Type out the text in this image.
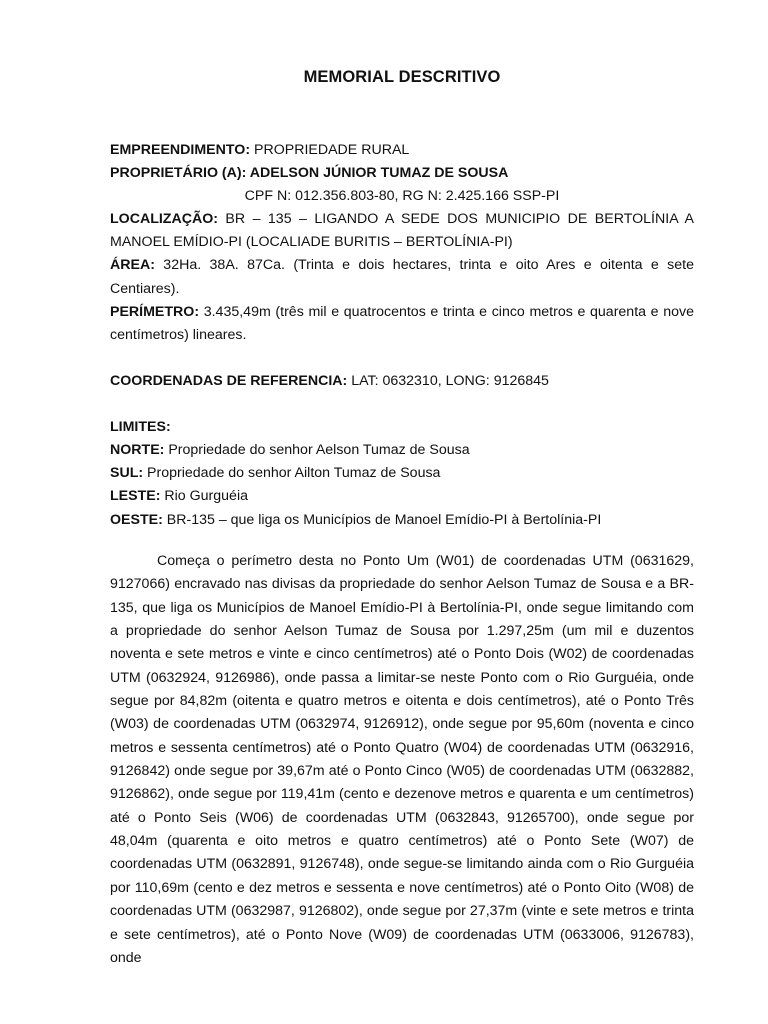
MEMORIAL DESCRITIVO

EMPREENDIMENTO: PROPRIEDADE RURAL

PROPRIETÁRIO (A): ADELSON JÚNIOR TUMAZ DE SOUSA

CPF N: 012.356.803-80, RG N: 2.425.166 SSP-PI

LOCALIZAÇÃO: BR – 135 – LIGANDO A SEDE DOS MUNICIPIO DE BERTOLÍNIA A MANOEL EMÍDIO-PI (LOCALIADE BURITIS – BERTOLÍNIA-PI)

ÁREA: 32Ha. 38A. 87Ca. (Trinta e dois hectares, trinta e oito Ares e oitenta e sete Centiares).

PERÍMETRO: 3.435,49m (três mil e quatrocentos e trinta e cinco metros e quarenta e nove centímetros) lineares.

COORDENADAS DE REFERENCIA: LAT: 0632310, LONG: 9126845

LIMITES:

NORTE: Propriedade do senhor Aelson Tumaz de Sousa

SUL: Propriedade do senhor Ailton Tumaz de Sousa

LESTE: Rio Gurguéia

OESTE: BR-135 – que liga os Municípios de Manoel Emídio-PI à Bertolínia-PI

Começa o perímetro desta no Ponto Um (W01) de coordenadas UTM (0631629, 9127066) encravado nas divisas da propriedade do senhor Aelson Tumaz de Sousa e a BR-135, que liga os Municípios de Manoel Emídio-PI à Bertolínia-PI, onde segue limitando com a propriedade do senhor Aelson Tumaz de Sousa por 1.297,25m (um mil e duzentos noventa e sete metros e vinte e cinco centímetros) até o Ponto Dois (W02) de coordenadas UTM (0632924, 9126986), onde passa a limitar-se neste Ponto com o Rio Gurguéia, onde segue por 84,82m (oitenta e quatro metros e oitenta e dois centímetros), até o Ponto Três (W03) de coordenadas UTM (0632974, 9126912), onde segue por 95,60m (noventa e cinco metros e sessenta centímetros) até o Ponto Quatro (W04) de coordenadas UTM (0632916, 9126842) onde segue por 39,67m até o Ponto Cinco (W05) de coordenadas UTM (0632882, 9126862), onde segue por 119,41m (cento e dezenove metros e quarenta e um centímetros) até o Ponto Seis (W06) de coordenadas UTM (0632843, 91265700), onde segue por 48,04m (quarenta e oito metros e quatro centímetros) até o Ponto Sete (W07) de coordenadas UTM (0632891, 9126748), onde segue-se limitando ainda com o Rio Gurguéia por 110,69m (cento e dez metros e sessenta e nove centímetros) até o Ponto Oito (W08) de coordenadas UTM (0632987, 9126802), onde segue por 27,37m (vinte e sete metros e trinta e sete centímetros), até o Ponto Nove (W09) de coordenadas UTM (0633006, 9126783), onde
